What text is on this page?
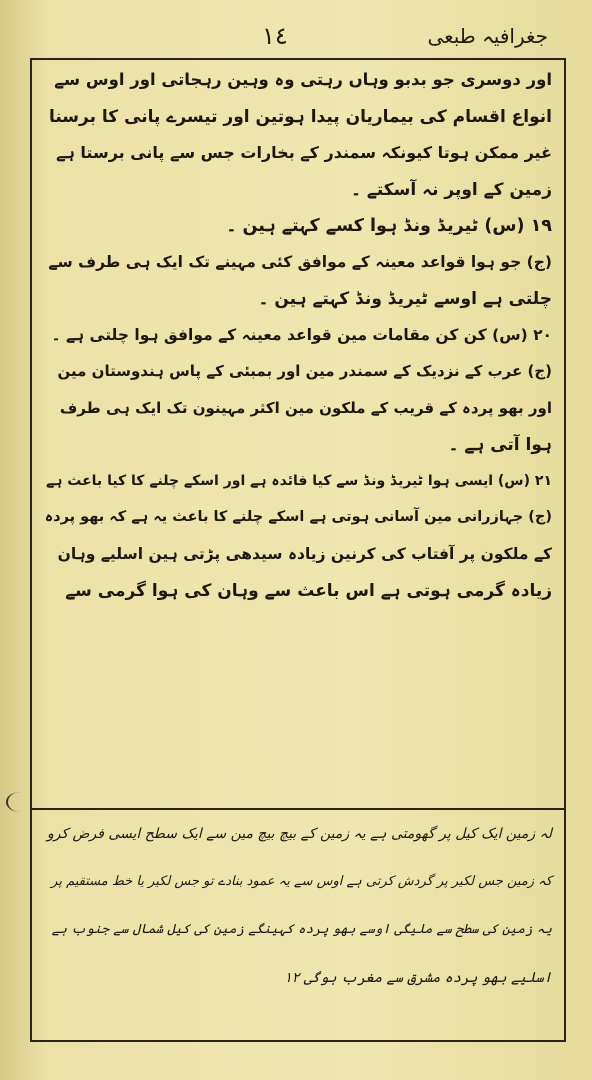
١٤	جغرافیہ طبعی
اور دوسری جو بدبو وہاں رہتی وہ وہین رہجاتی اور اوس سے
انواع اقسام کی بیماریان پیدا ہوتین اور تیسرے پانی کا برسنا
غیر ممکن ہوتا کیونکہ سمندر کے بخارات جس سے پانی برستا ہے
زمین کے اوپر نہ آسکتے ۔
١٩ (س) ٹیریڈ ونڈ ہوا کسے کہتے ہین ۔
(ج) جو ہوا قواعد معینہ کے موافق کئی مہینے تک ایک ہی طرف سے
چلتی ہے اوسے ٹیریڈ ونڈ کہتے ہین ۔
٢٠ (س) کن کن مقامات مین قواعد معینہ کے موافق ہوا چلتی ہے ۔
(ج) عرب کے نزدیک کے سمندر مین اور بمبئی کے پاس ہندوستان مین
اور بھو پردہ کے قریب کے ملکون مین اکثر مہینون تک ایک ہی طرف
ہوا آتی ہے ۔
٢١ (س) ایسی ہوا ٹیریڈ ونڈ سے کیا فائدہ ہے اور اسکے چلنے کا کیا باعث ہے
(ج) جہازرانی مین آسانی ہوتی ہے اسکے چلنے کا باعث یہ ہے کہ بھو پردہ
کے ملکون پر آفتاب کی کرنین زیادہ سیدھی پڑتی ہین اسلیے وہان
زیادہ گرمی ہوتی ہے اس باعث سے وہان کی ہوا گرمی سے
لہ زمین ایک کیل پر گھومتی ہے یہ زمین کے بیچ بیچ مین سے ایک سطح ایسی فرض کرو
کہ زمین جس لکیر پر گردش کرتی ہے اوس سے یہ عمود بنادے تو جس لکیر یا خط مستقیم پر
یہ زمین کی سطح سے ملیگی اوسے بھو پردہ کہینگے زمین کی کیل شمال سے جنوب ہے
اسلیے بھو پردہ مشرق سے مغرب ہوگی ١٢
